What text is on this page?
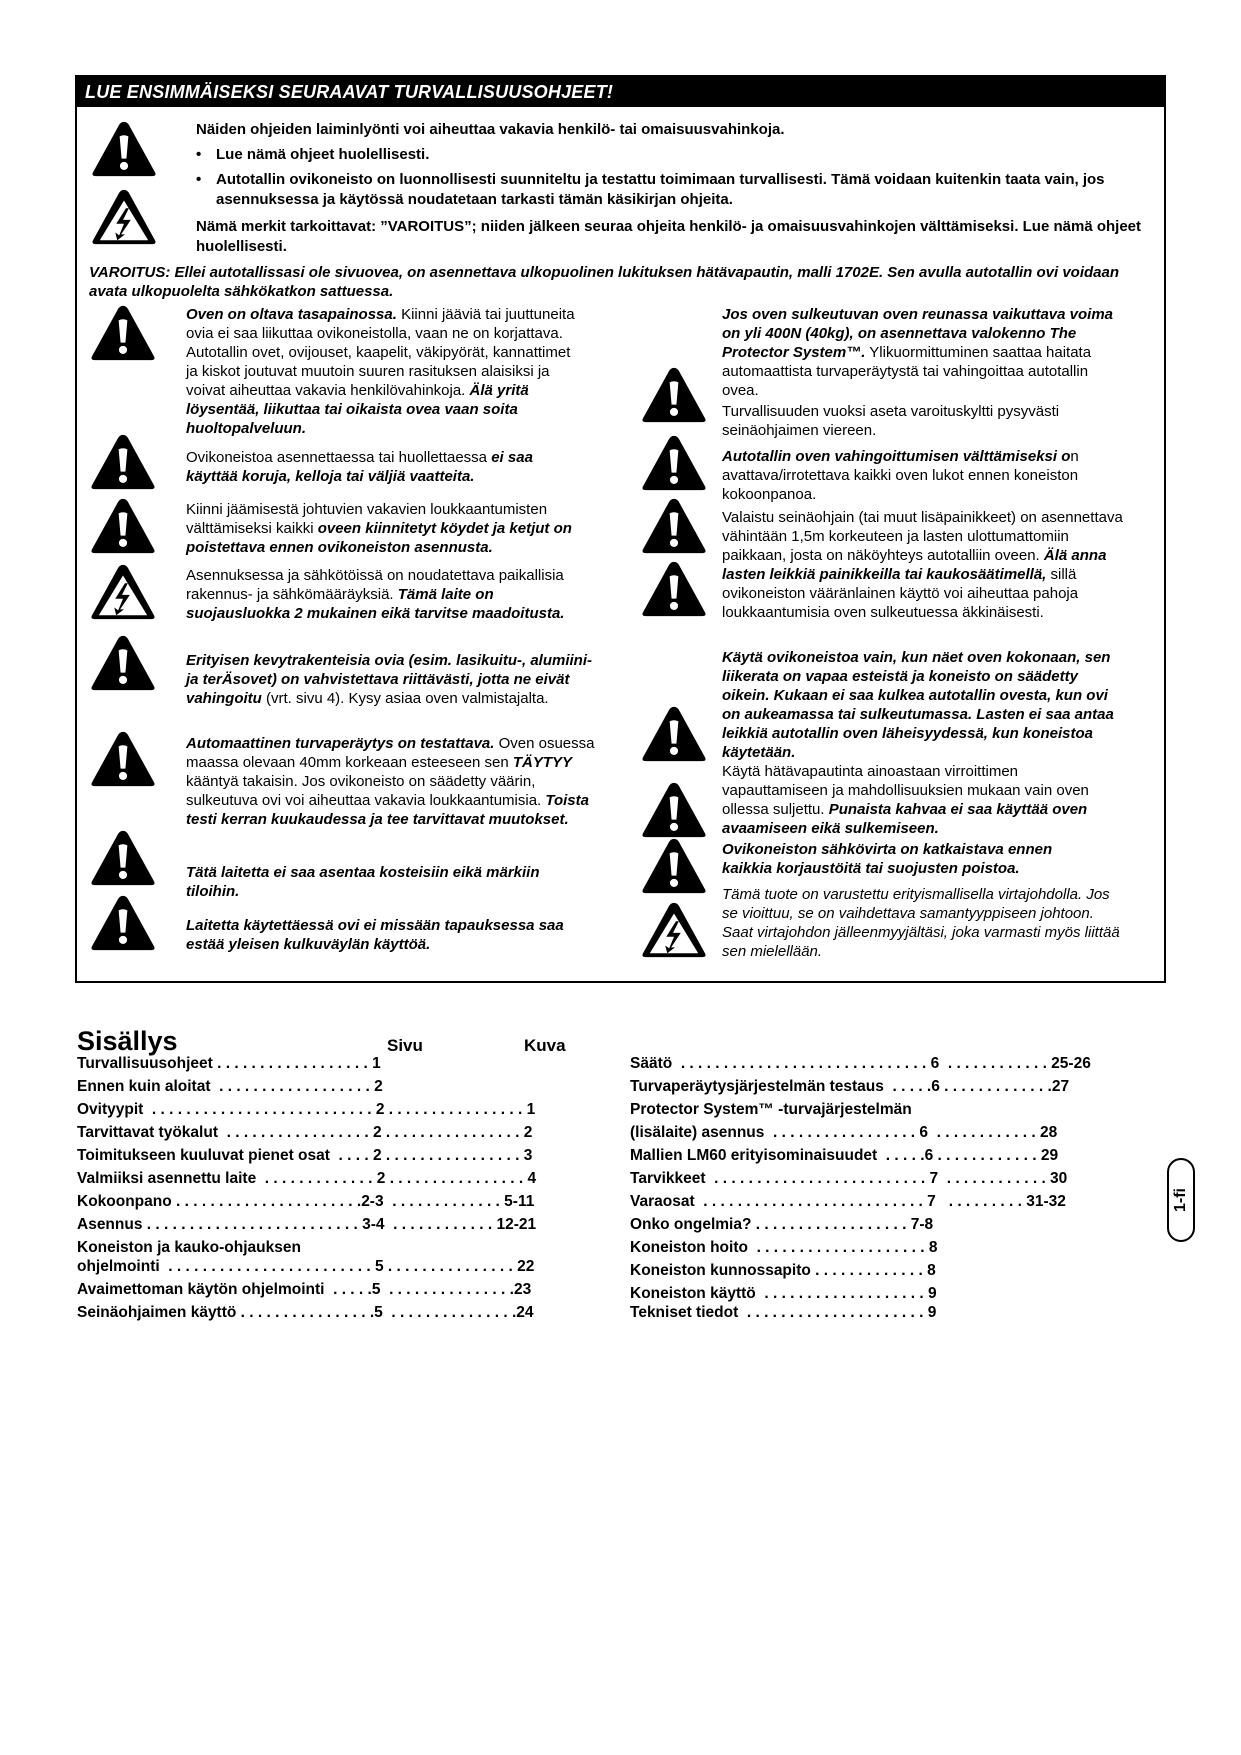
LUE ENSIMMÄISEKSI SEURAAVAT TURVALLISUUSOHJEET!
Näiden ohjeiden laiminlyönti voi aiheuttaa vakavia henkilö- tai omaisuusvahinkoja.
• Lue nämä ohjeet huolellisesti.
• Autotallin ovikoneisto on luonnollisesti suunniteltu ja testattu toimimaan turvallisesti. Tämä voidaan kuitenkin taata vain, jos asennuksessa ja käytössä noudatetaan tarkasti tämän käsikirjan ohjeita.
Nämä merkit tarkoittavat: ”VAROITUS”; niiden jälkeen seuraa ohjeita henkilö- ja omaisuusvahinkojen välttämiseksi. Lue nämä ohjeet huolellisesti.
VAROITUS: Ellei autotallissasi ole sivuovea, on asennettava ulkopuolinen lukituksen hätävapautin, malli 1702E. Sen avulla autotallin ovi voidaan avata ulkopuolelta sähkökatkon sattuessa.

Oven on oltava tasapainossa. Kiinni jääviä tai juuttuneita ovia ei saa liikuttaa ovikoneistolla, vaan ne on korjattava. Autotallin ovet, ovijouset, kaapelit, väkipyörät, kannattimet ja kiskot joutuvat muutoin suuren rasituksen alaisiksi ja voivat aiheuttaa vakavia henkilövahinkoja. Älä yritä löysentää, liikuttaa tai oikaista ovea vaan soita huoltopalveluun.

Ovikoneistoa asennettaessa tai huollettaessa ei saa käyttää koruja, kelloja tai väljiä vaatteita.

Kiinni jäämisestä johtuvien vakavien loukkaantumisten välttämiseksi kaikki oveen kiinnitetyt köydet ja ketjut on poistettava ennen ovikoneiston asennusta.

Asennuksessa ja sähkötöissä on noudatettava paikallisia rakennus- ja sähkömääräyksiä. Tämä laite on suojausluokka 2 mukainen eikä tarvitse maadoitusta.

Erityisen kevytrakenteisia ovia (esim. lasikuitu-, alumiini- ja terÄsovet) on vahvistettava riittävästi, jotta ne eivät vahingoitu (vrt. sivu 4). Kysy asiaa oven valmistajalta.

Automaattinen turvaperäytys on testattava. Oven osuessa maassa olevaan 40mm korkeaan esteeseen sen TÄYTYY kääntyä takaisin. Jos ovikoneisto on säädetty väärin, sulkeutuva ovi voi aiheuttaa vakavia loukkaantumisia. Toista testi kerran kuukaudessa ja tee tarvittavat muutokset.

Tätä laitetta ei saa asentaa kosteisiin eikä märkiin tiloihin.

Laitetta käytettäessä ovi ei missään tapauksessa saa estää yleisen kulkuväylän käyttöä.

Jos oven sulkeutuvan oven reunassa vaikuttava voima on yli 400N (40kg), on asennettava valokenno The Protector System™. Ylikuormittuminen saattaa haitata automaattista turvaperäytystä tai vahingoittaa autotallin ovea.

Turvallisuuden vuoksi aseta varoituskyltti pysyvästi seinäohjaimen viereen.

Autotallin oven vahingoittumisen välttämiseksi on avattava/irrotettava kaikki oven lukot ennen koneiston kokoonpanoa.

Valaistu seinäohjain (tai muut lisäpainikkeet) on asennettava vähintään 1,5m korkeuteen ja lasten ulottumattomiin paikkaan, josta on näköyhteys autotalliin oveen. Älä anna lasten leikkiä painikkeilla tai kaukosäätimellä, sillä ovikoneiston vääränlainen käyttö voi aiheuttaa pahoja loukkaantumisia oven sulkeutuessa äkkinäisesti.

Käytä ovikoneistoa vain, kun näet oven kokonaan, sen liikerata on vapaa esteistä ja koneisto on säädetty oikein. Kukaan ei saa kulkea autotallin ovesta, kun ovi on aukeamassa tai sulkeutumassa. Lasten ei saa antaa leikkiä autotallin oven läheisyydessä, kun koneistoa käytetään.

Käytä hätävapautinta ainoastaan virroittimen vapauttamiseen ja mahdollisuuksien mukaan vain oven ollessa suljettu. Punaista kahvaa ei saa käyttää oven avaamiseen eikä sulkemiseen.

Ovikoneiston sähkövirta on katkaistava ennen kaikkia korjaustöitä tai suojusten poistoa.

Tämä tuote on varustettu erityismallisella virtajohdolla. Jos se vioittuu, se on vaihdettava samantyyppiseen johtoon. Saat virtajohdon jälleenmyyjältäsi, joka varmasti myös liittää sen mielellään.

Sisällys	Sivu	Kuva
Turvallisuusohjeet . . . . . . . . . . . . . . . . . . 1
Ennen kuin aloitat  . . . . . . . . . . . . . . . . . . 2
Ovityypit  . . . . . . . . . . . . . . . . . . . . . . . . . . 2 . . . . . . . . . . . . . . . . 1
Tarvittavat työkalut  . . . . . . . . . . . . . . . . . 2 . . . . . . . . . . . . . . . . 2
Toimitukseen kuuluvat pienet osat  . . . . 2 . . . . . . . . . . . . . . . . 3
Valmiiksi asennettu laite  . . . . . . . . . . . . . 2 . . . . . . . . . . . . . . . . 4
Kokoonpano . . . . . . . . . . . . . . . . . . . . . .2-3  . . . . . . . . . . . . . 5-11
Asennus . . . . . . . . . . . . . . . . . . . . . . . . . 3-4  . . . . . . . . . . . . 12-21
Koneiston ja kauko-ohjauksen
ohjelmointi  . . . . . . . . . . . . . . . . . . . . . . . . 5 . . . . . . . . . . . . . . . 22
Avaimettoman käytön ohjelmointi  . . . . .5  . . . . . . . . . . . . . . .23
Seinäohjaimen käyttö . . . . . . . . . . . . . . . .5  . . . . . . . . . . . . . . .24
Säätö  . . . . . . . . . . . . . . . . . . . . . . . . . . . . . 6  . . . . . . . . . . . . 25-26
Turvaperäytysjärjestelmän testaus  . . . . .6 . . . . . . . . . . . . .27
Protector System™ -turvajärjestelmän
(lisälaite) asennus  . . . . . . . . . . . . . . . . . 6  . . . . . . . . . . . . 28
Mallien LM60 erityisominaisuudet  . . . . .6 . . . . . . . . . . . . 29
Tarvikkeet  . . . . . . . . . . . . . . . . . . . . . . . . . 7  . . . . . . . . . . . . 30
Varaosat  . . . . . . . . . . . . . . . . . . . . . . . . . . 7   . . . . . . . . . 31-32
Onko ongelmia? . . . . . . . . . . . . . . . . . . 7-8
Koneiston hoito  . . . . . . . . . . . . . . . . . . . . 8
Koneiston kunnossapito . . . . . . . . . . . . . 8
Koneiston käyttö  . . . . . . . . . . . . . . . . . . . 9
Tekniset tiedot  . . . . . . . . . . . . . . . . . . . . . 9
1-fi
